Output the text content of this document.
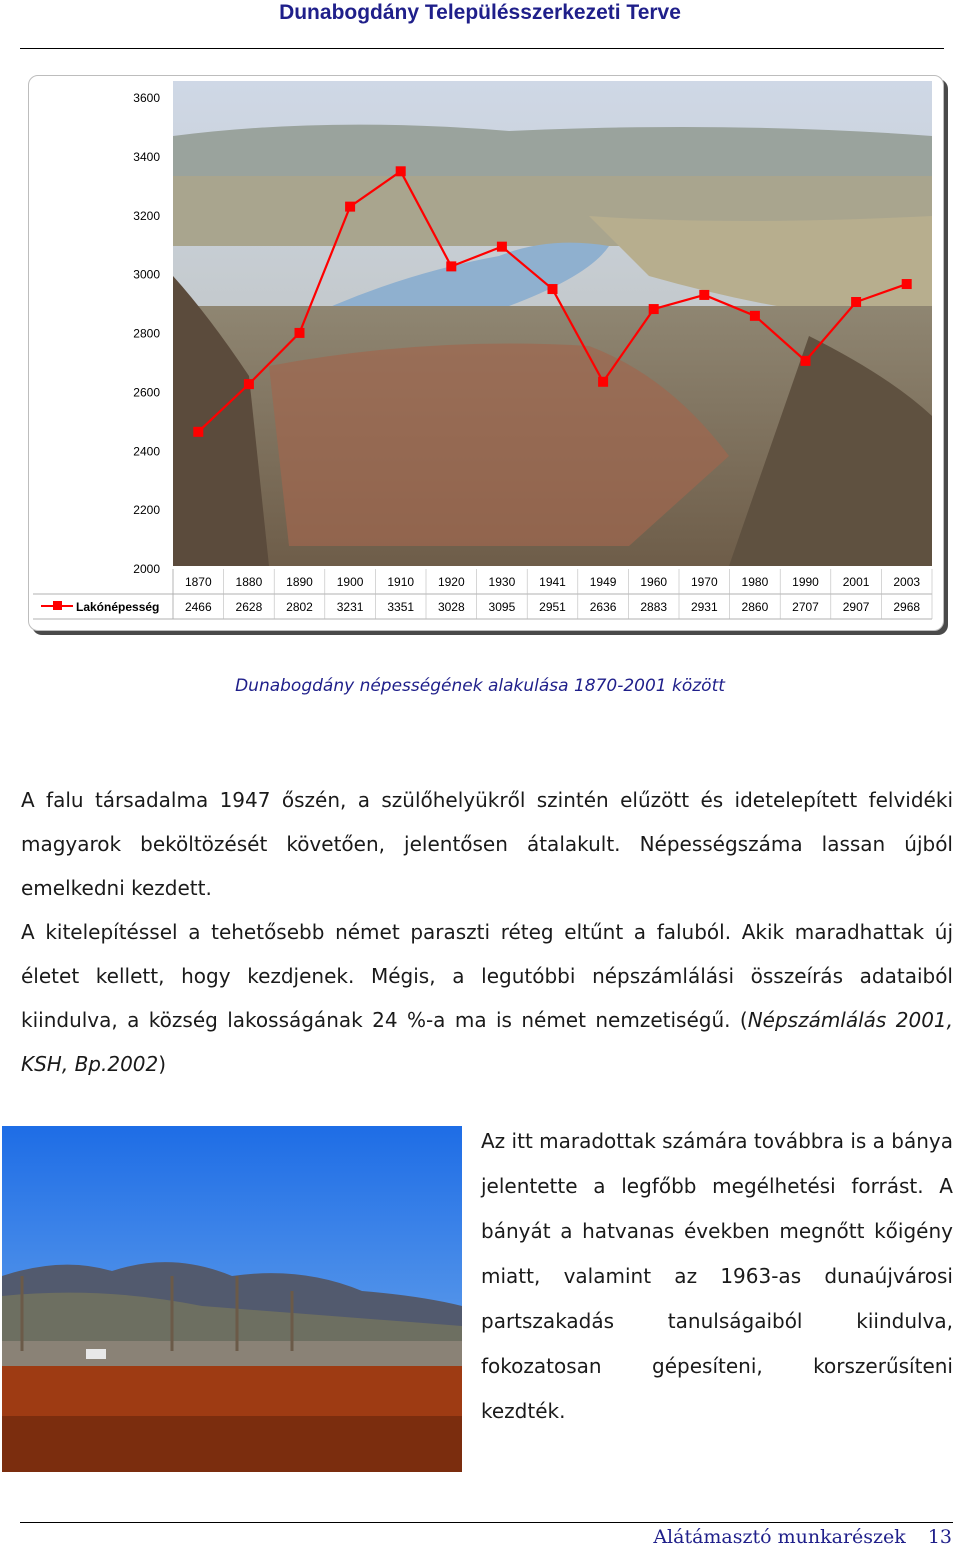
Dunabogdány Településszerkezeti Terve
2000
2200
2400
2600
2800
3000
3200
3400
3600
1870 1880 1890 1900 1910 1920 1930 1941 1949 1960 1970 1980 1990 2001 2003
2466 2628 2802 3231 3351 3028 3095 2951 2636 2883 2931 2860 2707 2907 2968
Lakónépesség
Dunabogdány népességének alakulása 1870-2001 között

A falu társadalma 1947 őszén, a szülőhelyükről szintén elűzött és idetelepített felvidéki magyarok beköltözését követően, jelentősen átalakult. Népességszáma lassan újból emelkedni kezdett.

A kitelepítéssel a tehetősebb német paraszti réteg eltűnt a faluból. Akik maradhattak új életet kellett, hogy kezdjenek. Mégis, a legutóbbi népszámlálási összeírás adataiból kiindulva, a község lakosságának 24 %-a ma is német nemzetiségű. (Népszámlálás 2001, KSH, Bp.2002)

Az itt maradottak számára továbbra is a bánya jelentette a legfőbb megélhetési forrást. A bányát a hatvanas években megnőtt kőigény miatt, valamint az 1963-as dunaújvárosi partszakadás tanulságaiból kiindulva, fokozatosan gépesíteni, korszerűsíteni kezdték.

Alátámasztó munkarészek 13
